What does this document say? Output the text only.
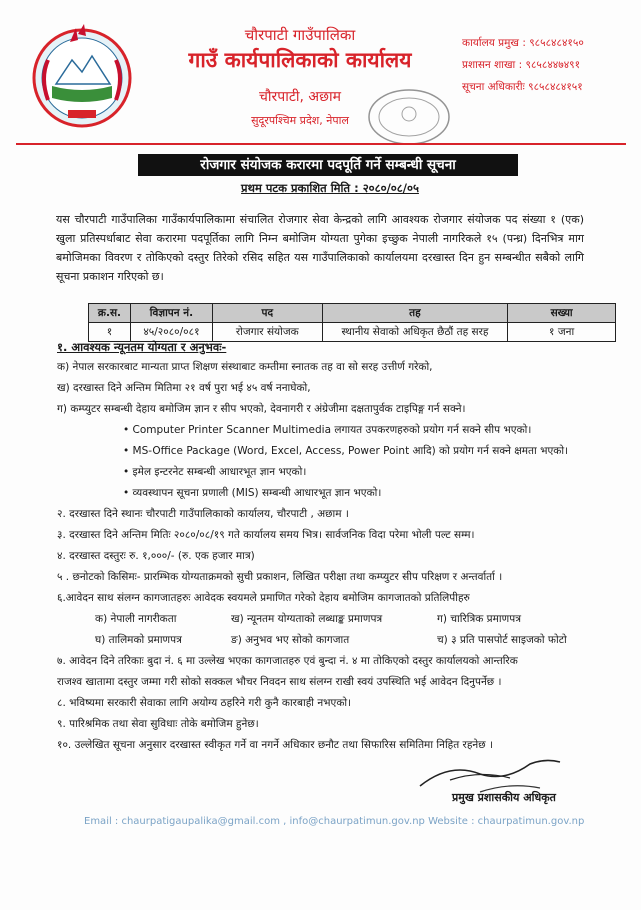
चौरपाटी गाउँपालिका
गाउँ कार्यपालिकाको कार्यालय
चौरपाटी, अछाम
सुदूरपश्चिम प्रदेश, नेपाल
कार्यालय प्रमुख : ९८५८४८४१५०
प्रशासन शाखा : ९८५८४४७४९१
सूचना अधिकारीः ९८५८४८४१५१
रोजगार संयोजक करारमा पदपूर्ति गर्ने सम्बन्धी सूचना
प्रथम पटक प्रकाशित मिति : २०८०/०८/०५

यस चौरपाटी गाउँपालिका गाउँकार्यपालिकामा संचालित रोजगार सेवा केन्द्रको लागि आवश्यक रोजगार संयोजक पद संख्या १ (एक) खुला प्रतिस्पर्धाबाट सेवा करारमा पदपूर्तिका लागि निम्न बमोजिम योग्यता पुगेका इच्छुक नेपाली नागरिकले १५ (पन्ध्र) दिनभित्र माग बमोजिमका विवरण र तोकिएको दस्तुर तिरेको रसिद सहित यस गाउँपालिकाको कार्यालयमा दरखास्त दिन हुन सम्बन्धीत सबैको लागि सूचना प्रकाशन गरिएको छ।

क्र.स.	विज्ञापन नं.	पद	तह	सख्या
१	४५/२०८०/०८१	रोजगार संयोजक	स्थानीय सेवाको अधिकृत छैठौं तह सरह	१ जना
१. आवश्यक न्यूनतम योग्यता र अनुभवः-
क) नेपाल सरकारबाट मान्यता प्राप्त शिक्षण संस्थाबाट कम्तीमा स्नातक तह वा सो सरह उत्तीर्ण गरेको,
ख) दरखास्त दिने अन्तिम मितिमा २१ वर्ष पुरा भई ४५ वर्ष ननाघेको,
ग) कम्प्युटर सम्बन्धी देहाय बमोजिम ज्ञान र सीप भएको, देवनागरी र अंग्रेजीमा दक्षतापुर्वक टाइपिङ्ग गर्न सक्ने।
• Computer Printer Scanner Multimedia लगायत उपकरणहरुको प्रयोग गर्न सक्ने सीप भएको।
• MS-Office Package (Word, Excel, Access, Power Point आदि) को प्रयोग गर्न सक्ने क्षमता भएको।
• इमेल इन्टरनेट सम्बन्धी आधारभूत ज्ञान भएको।
• व्यवस्थापन सूचना प्रणाली (MIS) सम्बन्धी आधारभूत ज्ञान भएको।
२. दरखास्त दिने स्थानः चौरपाटी गाउँपालिकाको कार्यालय, चौरपाटी , अछाम ।
३. दरखास्त दिने अन्तिम मितिः २०८०/०८/१९ गते कार्यालय समय भित्र। सार्वजनिक विदा परेमा भोली पल्ट सम्म।
४. दरखास्त दस्तुरः रु. १,०००/- (रु. एक हजार मात्र)
५ . छनोटको किसिमः- प्रारम्भिक योग्यताक्रमको सुची प्रकाशन, लिखित परीक्षा तथा कम्प्युटर सीप परिक्षण र अन्तर्वार्ता ।
६.आवेदन साथ संलग्न कागजातहरुः आवेदक स्वयमले प्रमाणित गरेको देहाय बमोजिम कागजातको प्रतिलिपीहरु
क) नेपाली नागरीकता	ख) न्यूनतम योग्यताको लब्धाङ्क प्रमाणपत्र	ग) चारित्रिक प्रमाणपत्र
घ) तालिमको प्रमाणपत्र	ङ) अनुभव भए सोको कागजात	च) ३ प्रति पासपोर्ट साइजको फोटो
७. आवेदन दिने तरिकाः बुदा नं. ६ मा उल्लेख भएका कागजातहरु एवं बुन्दा नं. ४ मा तोकिएको दस्तुर कार्यालयको आन्तरिक
राजश्व खातामा दस्तुर जम्मा गरी सोको सक्कल भौचर निवदन साथ संलग्न राखी स्वयं उपस्थिति भई आवेदन दिनुपर्नेछ ।
८. भविष्यमा सरकारी सेवाका लागि अयोग्य ठहरिने गरी कुनै कारबाही नभएको।
९. पारिश्रमिक तथा सेवा सुविधाः तोके बमोजिम हुनेछ।
१०. उल्लेखित सूचना अनुसार दरखास्त स्वीकृत गर्ने वा नगर्ने अधिकार छनौट तथा सिफारिस समितिमा निहित रहनेछ ।
प्रमुख प्रशासकीय अधिकृत
Email : chaurpatigaupalika@gmail.com , info@chaurpatimun.gov.np Website : chaurpatimun.gov.np
